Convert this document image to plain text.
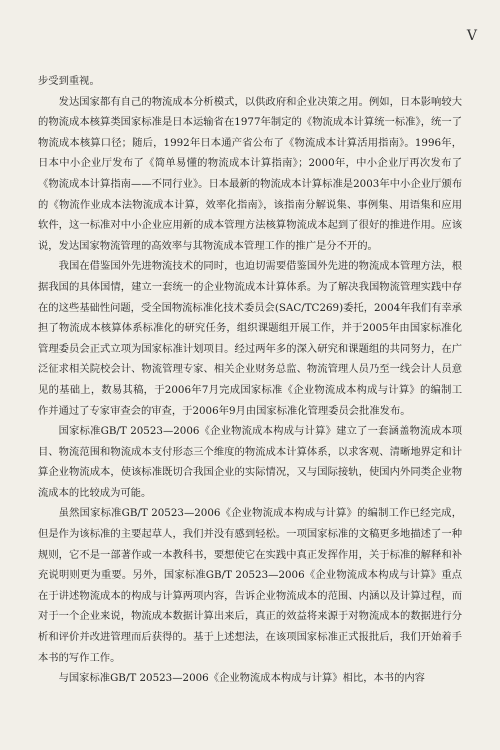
V

步受到重视。

发达国家都有自己的物流成本分析模式，以供政府和企业决策之用。例如，日本影响较大的物流成本核算类国家标准是日本运输省在1977年制定的《物流成本计算统一标准》，统一了物流成本核算口径；随后，1992年日本通产省公布了《物流成本计算活用指南》。1996年，日本中小企业厅发布了《简单易懂的物流成本计算指南》；2000年，中小企业厅再次发布了《物流成本计算指南——不同行业》。日本最新的物流成本计算标准是2003年中小企业厅颁布的《物流作业成本法物流成本计算，效率化指南》，该指南分解说集、事例集、用语集和应用软件，这一标准对中小企业应用新的成本管理方法核算物流成本起到了很好的推进作用。应该说，发达国家物流管理的高效率与其物流成本管理工作的推广是分不开的。

我国在借鉴国外先进物流技术的同时，也迫切需要借鉴国外先进的物流成本管理方法，根据我国的具体国情，建立一套统一的企业物流成本计算体系。为了解决我国物流管理实践中存在的这些基础性问题，受全国物流标准化技术委员会(SAC/TC269)委托，2004年我们有幸承担了物流成本核算体系标准化的研究任务，组织课题组开展工作，并于2005年由国家标准化管理委员会正式立项为国家标准计划项目。经过两年多的深入研究和课题组的共同努力，在广泛征求相关院校会计、物流管理专家、相关企业财务总监、物流管理人员乃至一线会计人员意见的基础上，数易其稿，于2006年7月完成国家标准《企业物流成本构成与计算》的编制工作并通过了专家审查会的审查，于2006年9月由国家标准化管理委员会批准发布。

国家标准GB/T 20523—2006《企业物流成本构成与计算》建立了一套涵盖物流成本项目、物流范围和物流成本支付形态三个维度的物流成本计算体系，以求客观、清晰地界定和计算企业物流成本，使该标准既切合我国企业的实际情况，又与国际接轨，使国内外同类企业物流成本的比较成为可能。

虽然国家标准GB/T 20523—2006《企业物流成本构成与计算》的编制工作已经完成，但是作为该标准的主要起草人，我们并没有感到轻松。一项国家标准的文稿更多地描述了一种规则，它不是一部著作或一本教科书，要想使它在实践中真正发挥作用，关于标准的解释和补充说明则更为重要。另外，国家标准GB/T 20523—2006《企业物流成本构成与计算》重点在于讲述物流成本的构成与计算两项内容，告诉企业物流成本的范围、内涵以及计算过程，而对于一个企业来说，物流成本数据计算出来后，真正的效益将来源于对物流成本的数据进行分析和评价并改进管理而后获得的。基于上述想法，在该项国家标准正式报批后，我们开始着手本书的写作工作。

与国家标准GB/T 20523—2006《企业物流成本构成与计算》相比，本书的内容
